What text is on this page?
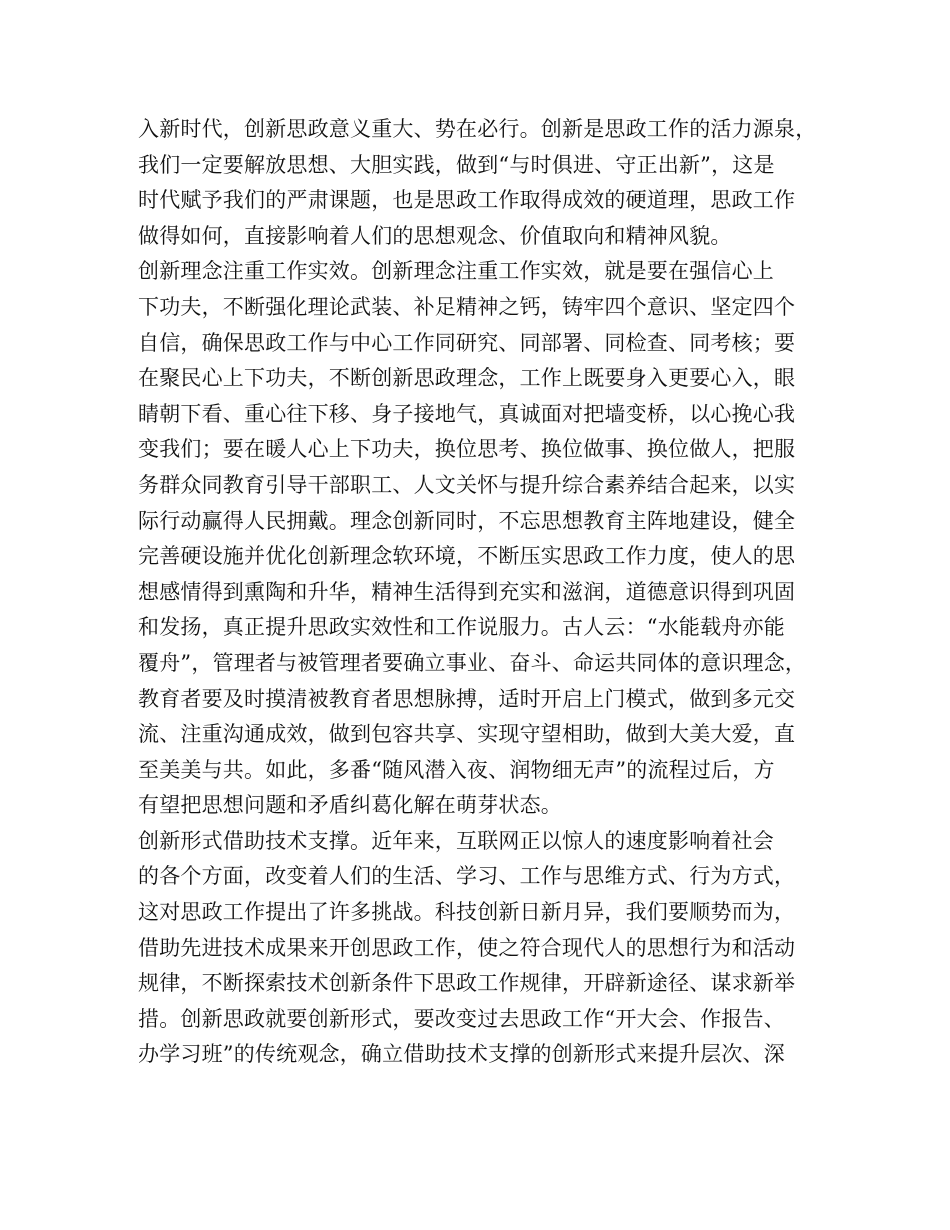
入新时代，创新思政意义重大、势在必行。创新是思政工作的活力源泉，
我们一定要解放思想、大胆实践，做到“与时俱进、守正出新”，这是
时代赋予我们的严肃课题，也是思政工作取得成效的硬道理，思政工作
做得如何，直接影响着人们的思想观念、价值取向和精神风貌。
创新理念注重工作实效。创新理念注重工作实效，就是要在强信心上
下功夫，不断强化理论武装、补足精神之钙，铸牢四个意识、坚定四个
自信，确保思政工作与中心工作同研究、同部署、同检查、同考核；要
在聚民心上下功夫，不断创新思政理念，工作上既要身入更要心入，眼
睛朝下看、重心往下移、身子接地气，真诚面对把墙变桥，以心挽心我
变我们；要在暖人心上下功夫，换位思考、换位做事、换位做人，把服
务群众同教育引导干部职工、人文关怀与提升综合素养结合起来，以实
际行动赢得人民拥戴。理念创新同时，不忘思想教育主阵地建设，健全
完善硬设施并优化创新理念软环境，不断压实思政工作力度，使人的思
想感情得到熏陶和升华，精神生活得到充实和滋润，道德意识得到巩固
和发扬，真正提升思政实效性和工作说服力。古人云：“水能载舟亦能
覆舟”，管理者与被管理者要确立事业、奋斗、命运共同体的意识理念，
教育者要及时摸清被教育者思想脉搏，适时开启上门模式，做到多元交
流、注重沟通成效，做到包容共享、实现守望相助，做到大美大爱，直
至美美与共。如此，多番“随风潜入夜、润物细无声”的流程过后，方
有望把思想问题和矛盾纠葛化解在萌芽状态。
创新形式借助技术支撑。近年来，互联网正以惊人的速度影响着社会
的各个方面，改变着人们的生活、学习、工作与思维方式、行为方式，
这对思政工作提出了许多挑战。科技创新日新月异，我们要顺势而为，
借助先进技术成果来开创思政工作，使之符合现代人的思想行为和活动
规律，不断探索技术创新条件下思政工作规律，开辟新途径、谋求新举
措。创新思政就要创新形式，要改变过去思政工作“开大会、作报告、
办学习班”的传统观念，确立借助技术支撑的创新形式来提升层次、深
